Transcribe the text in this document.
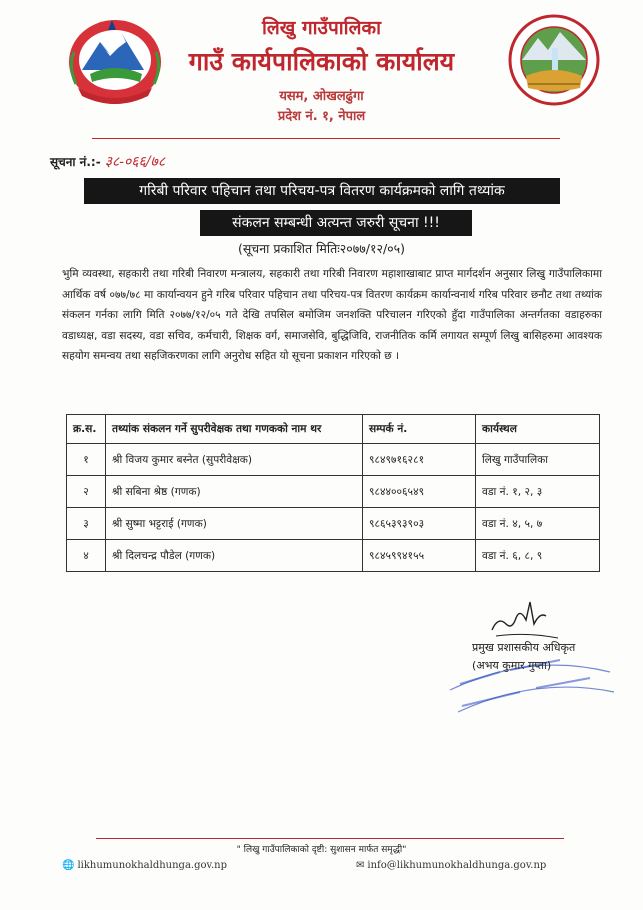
लिखु गाउँपालिका
गाउँ कार्यपालिकाको कार्यालय
यसम, ओखलढुंगा
प्रदेश नं. १, नेपाल
सूचना नं.:- ३८-०६६/७८
गरिबी परिवार पहिचान तथा परिचय-पत्र वितरण कार्यक्रमको लागि तथ्यांक
संकलन सम्बन्धी अत्यन्त जरुरी सूचना !!!
(सूचना प्रकाशित मितिः२०७७/१२/०५)
भुमि व्यवस्था, सहकारी तथा गरिबी निवारण मन्त्रालय, सहकारी तथा गरिबी निवारण महाशाखाबाट प्राप्त मार्गदर्शन अनुसार लिखु गाउँपालिकामा आर्थिक वर्ष ०७७/७८ मा कार्यान्वयन हुने गरिब परिवार पहिचान तथा परिचय-पत्र वितरण कार्यक्रम कार्यान्वनार्थ गरिब परिवार छनौट तथा तथ्यांक संकलन गर्नका लागि मिति २०७७/१२/०५ गते देखि तपसिल बमोजिम जनशक्ति परिचालन गरिएको हुँदा गाउँपालिका अन्तर्गतका वडाहरुका वडाध्यक्ष, वडा सदस्य, वडा सचिव, कर्मचारी, शिक्षक वर्ग, समाजसेवि, बुद्धिजिवि, राजनीतिक कर्मि लगायत सम्पूर्ण लिखु बासिहरुमा आवश्यक सहयोग समन्वय तथा सहजिकरणका लागि अनुरोध सहित यो सूचना प्रकाशन गरिएको छ ।
क्र.स.	तथ्यांक संकलन गर्ने सुपरीवेक्षक तथा गणकको नाम थर	सम्पर्क नं.	कार्यस्थल
१	श्री विजय कुमार बस्नेत (सुपरीवेक्षक)	९८४९७१६२८१	लिखु गाउँपालिका
२	श्री सबिना श्रेष्ठ (गणक)	९८४४००६५४९	वडा नं. १, २, ३
३	श्री सुष्मा भट्टराई (गणक)	९८६५३९३९०३	वडा नं. ४, ५, ७
४	श्री दिलचन्द्र पौडेल (गणक)	९८४५९९४१५५	वडा नं. ६, ८, ९
प्रमुख प्रशासकीय अधिकृत
(अभय कुमार गुप्ता)
" लिखु गाउँपालिकाको दृष्टी: सुशासन मार्फत समृद्धी"
🌐 likhumunokhaldhunga.gov.np	✉ info@likhumunokhaldhunga.gov.np
